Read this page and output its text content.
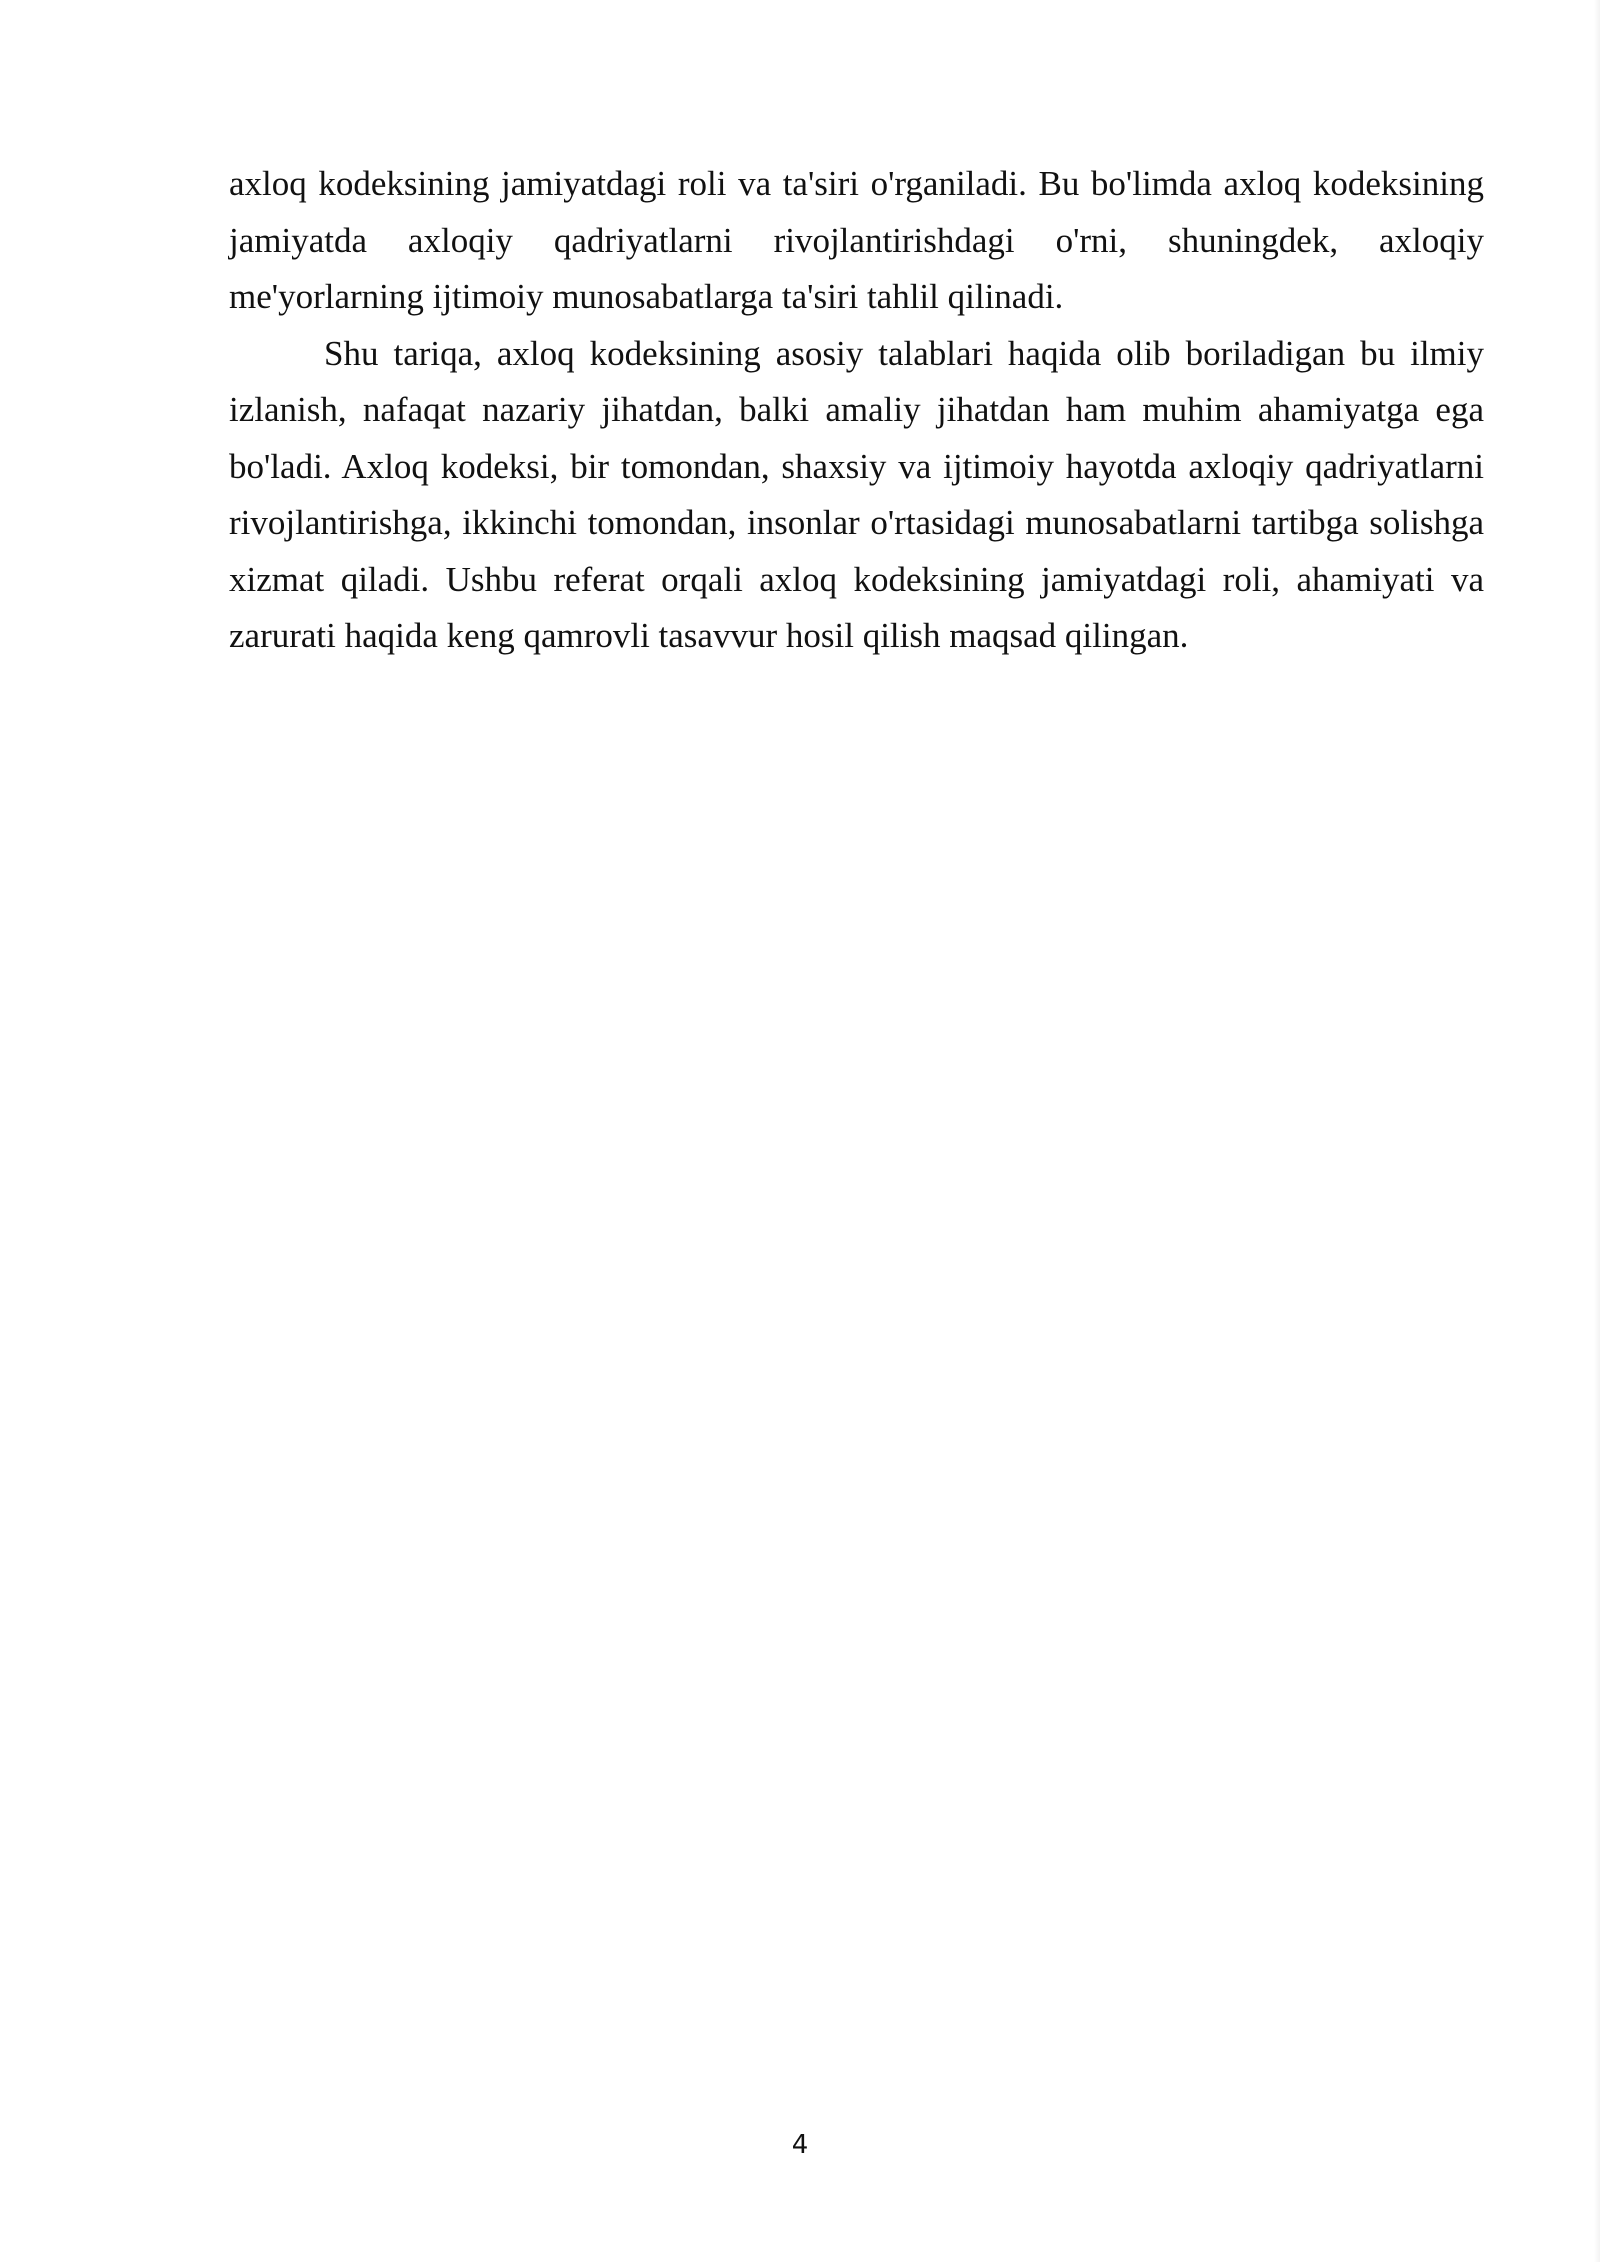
axloq kodeksining jamiyatdagi roli va ta'siri o'rganiladi. Bu bo'limda axloq kodeksining jamiyatda axloqiy qadriyatlarni rivojlantirishdagi o'rni, shuningdek, axloqiy me'yorlarning ijtimoiy munosabatlarga ta'siri tahlil qilinadi.

Shu tariqa, axloq kodeksining asosiy talablari haqida olib boriladigan bu ilmiy izlanish, nafaqat nazariy jihatdan, balki amaliy jihatdan ham muhim ahamiyatga ega bo'ladi. Axloq kodeksi, bir tomondan, shaxsiy va ijtimoiy hayotda axloqiy qadriyatlarni rivojlantirishga, ikkinchi tomondan, insonlar o'rtasidagi munosabatlarni tartibga solishga xizmat qiladi. Ushbu referat orqali axloq kodeksining jamiyatdagi roli, ahamiyati va zarurati haqida keng qamrovli tasavvur hosil qilish maqsad qilingan.

4
